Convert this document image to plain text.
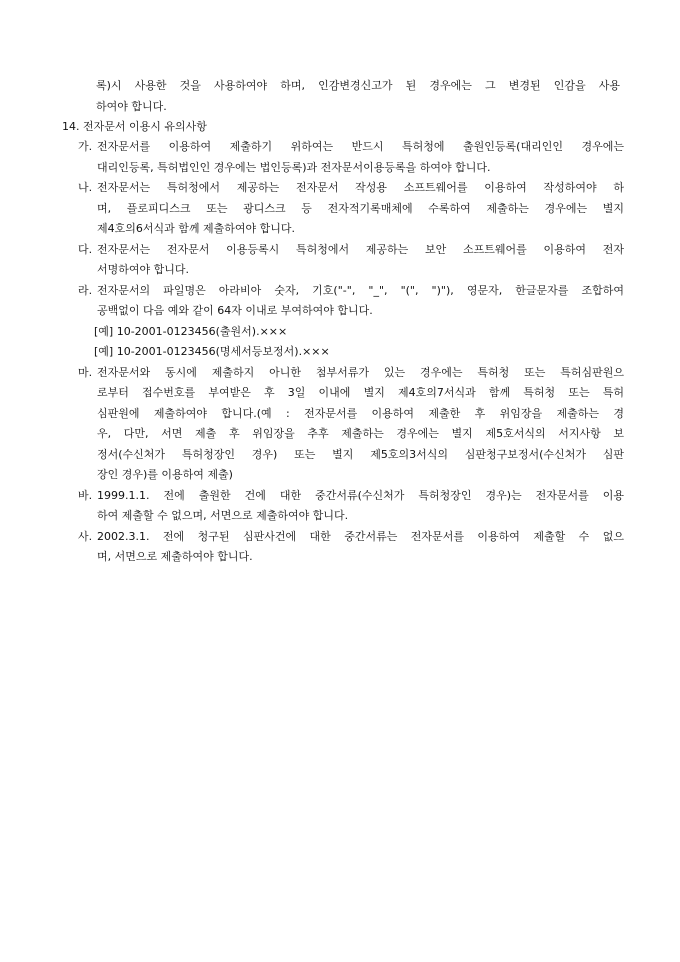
록)시 사용한 것을 사용하여야 하며, 인감변경신고가 된 경우에는 그 변경된 인감을 사용
하여야 합니다.
14. 전자문서 이용시 유의사항
가. 전자문서를 이용하여 제출하기 위하여는 반드시 특허청에 출원인등록(대리인인 경우에는
대리인등록, 특허법인인 경우에는 법인등록)과 전자문서이용등록을 하여야 합니다.
나. 전자문서는 특허청에서 제공하는 전자문서 작성용 소프트웨어를 이용하여 작성하여야 하
며, 플로피디스크 또는 광디스크 등 전자적기록매체에 수록하여 제출하는 경우에는 별지
제4호의6서식과 함께 제출하여야 합니다.
다. 전자문서는 전자문서 이용등록시 특허청에서 제공하는 보안 소프트웨어를 이용하여 전자
서명하여야 합니다.
라. 전자문서의 파일명은 아라비아 숫자, 기호("-", "_", "(", ")"), 영문자, 한글문자를 조합하여
공백없이 다음 예와 같이 64자 이내로 부여하여야 합니다.
[예] 10-2001-0123456(출원서).×××
[예] 10-2001-0123456(명세서등보정서).×××
마. 전자문서와 동시에 제출하지 아니한 첨부서류가 있는 경우에는 특허청 또는 특허심판원으
로부터 접수번호를 부여받은 후 3일 이내에 별지 제4호의7서식과 함께 특허청 또는 특허
심판원에 제출하여야 합니다.(예 : 전자문서를 이용하여 제출한 후 위임장을 제출하는 경
우, 다만, 서면 제출 후 위임장을 추후 제출하는 경우에는 별지 제5호서식의 서지사항 보
정서(수신처가 특허청장인 경우) 또는 별지 제5호의3서식의 심판청구보정서(수신처가 심판
장인 경우)를 이용하여 제출)
바. 1999.1.1. 전에 출원한 건에 대한 중간서류(수신처가 특허청장인 경우)는 전자문서를 이용
하여 제출할 수 없으며, 서면으로 제출하여야 합니다.
사. 2002.3.1. 전에 청구된 심판사건에 대한 중간서류는 전자문서를 이용하여 제출할 수 없으
며, 서면으로 제출하여야 합니다.
